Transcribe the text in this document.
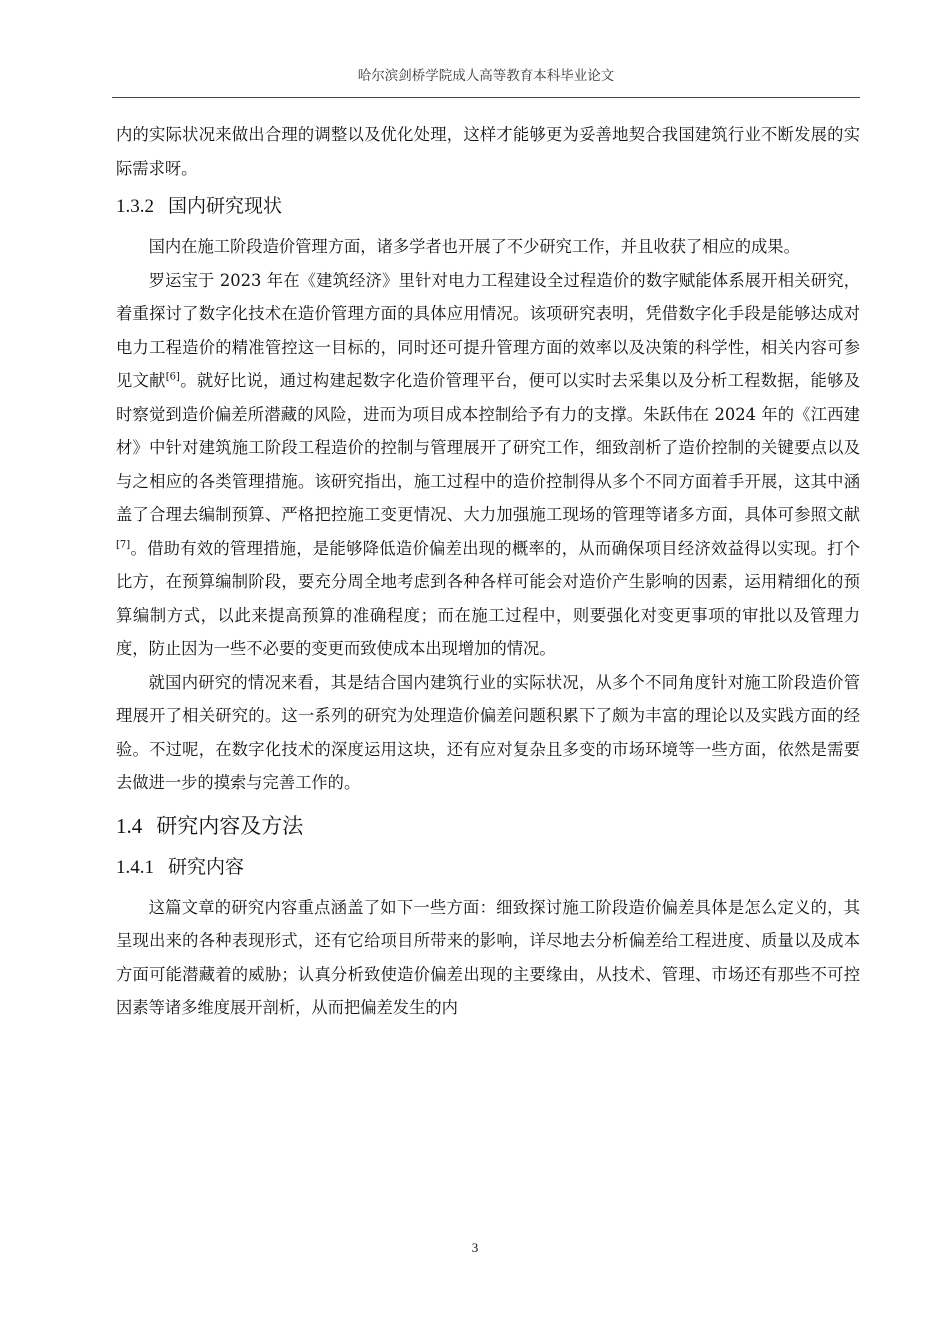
哈尔滨剑桥学院成人高等教育本科毕业论文

内的实际状况来做出合理的调整以及优化处理，这样才能够更为妥善地契合我国建筑行业不断发展的实际需求呀。

1.3.2 国内研究现状

国内在施工阶段造价管理方面，诸多学者也开展了不少研究工作，并且收获了相应的成果。

罗运宝于 2023 年在《建筑经济》里针对电力工程建设全过程造价的数字赋能体系展开相关研究，着重探讨了数字化技术在造价管理方面的具体应用情况。该项研究表明，凭借数字化手段是能够达成对电力工程造价的精准管控这一目标的，同时还可提升管理方面的效率以及决策的科学性，相关内容可参见文献[6]。就好比说，通过构建起数字化造价管理平台，便可以实时去采集以及分析工程数据，能够及时察觉到造价偏差所潜藏的风险，进而为项目成本控制给予有力的支撑。朱跃伟在 2024 年的《江西建材》中针对建筑施工阶段工程造价的控制与管理展开了研究工作，细致剖析了造价控制的关键要点以及与之相应的各类管理措施。该研究指出，施工过程中的造价控制得从多个不同方面着手开展，这其中涵盖了合理去编制预算、严格把控施工变更情况、大力加强施工现场的管理等诸多方面，具体可参照文献[7]。借助有效的管理措施，是能够降低造价偏差出现的概率的，从而确保项目经济效益得以实现。打个比方，在预算编制阶段，要充分周全地考虑到各种各样可能会对造价产生影响的因素，运用精细化的预算编制方式，以此来提高预算的准确程度；而在施工过程中，则要强化对变更事项的审批以及管理力度，防止因为一些不必要的变更而致使成本出现增加的情况。

就国内研究的情况来看，其是结合国内建筑行业的实际状况，从多个不同角度针对施工阶段造价管理展开了相关研究的。这一系列的研究为处理造价偏差问题积累下了颇为丰富的理论以及实践方面的经验。不过呢，在数字化技术的深度运用这块，还有应对复杂且多变的市场环境等一些方面，依然是需要去做进一步的摸索与完善工作的。

1.4 研究内容及方法
1.4.1 研究内容

这篇文章的研究内容重点涵盖了如下一些方面：细致探讨施工阶段造价偏差具体是怎么定义的，其呈现出来的各种表现形式，还有它给项目所带来的影响，详尽地去分析偏差给工程进度、质量以及成本方面可能潜藏着的威胁；认真分析致使造价偏差出现的主要缘由，从技术、管理、市场还有那些不可控因素等诸多维度展开剖析，从而把偏差发生的内

3
